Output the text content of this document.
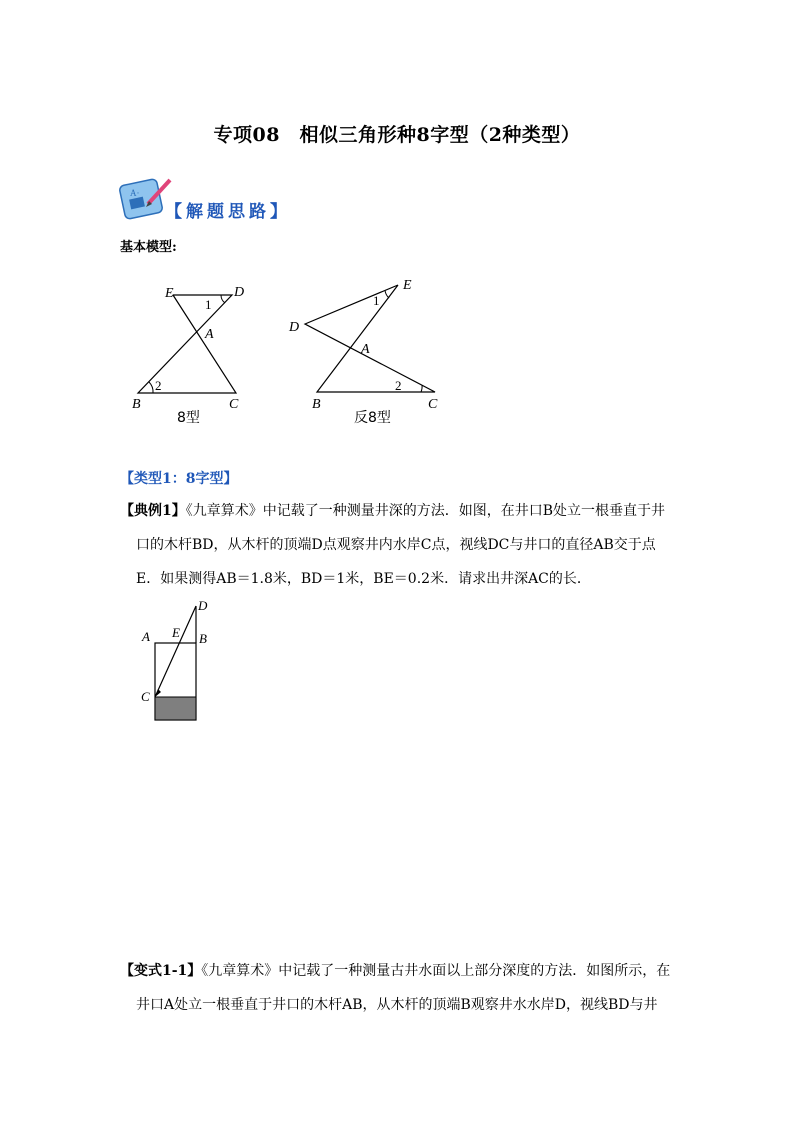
专项08　相似三角形种8字型（2种类型）
A·
【解题思路】
基本模型:
E	D
A
B	C
1
2
8型
E
D
A
B	C
1
2
反8型
【类型1：8字型】
【典例1】《九章算术》中记载了一种测量井深的方法．如图，在井口B处立一根垂直于井
口的木杆BD，从木杆的顶端D点观察井内水岸C点，视线DC与井口的直径AB交于点
E．如果测得AB＝1.8米，BD＝1米，BE＝0.2米．请求出井深AC的长．
A E B
D
C
【变式1-1】《九章算术》中记载了一种测量古井水面以上部分深度的方法．如图所示，在
井口A处立一根垂直于井口的木杆AB，从木杆的顶端B观察井水水岸D，视线BD与井
